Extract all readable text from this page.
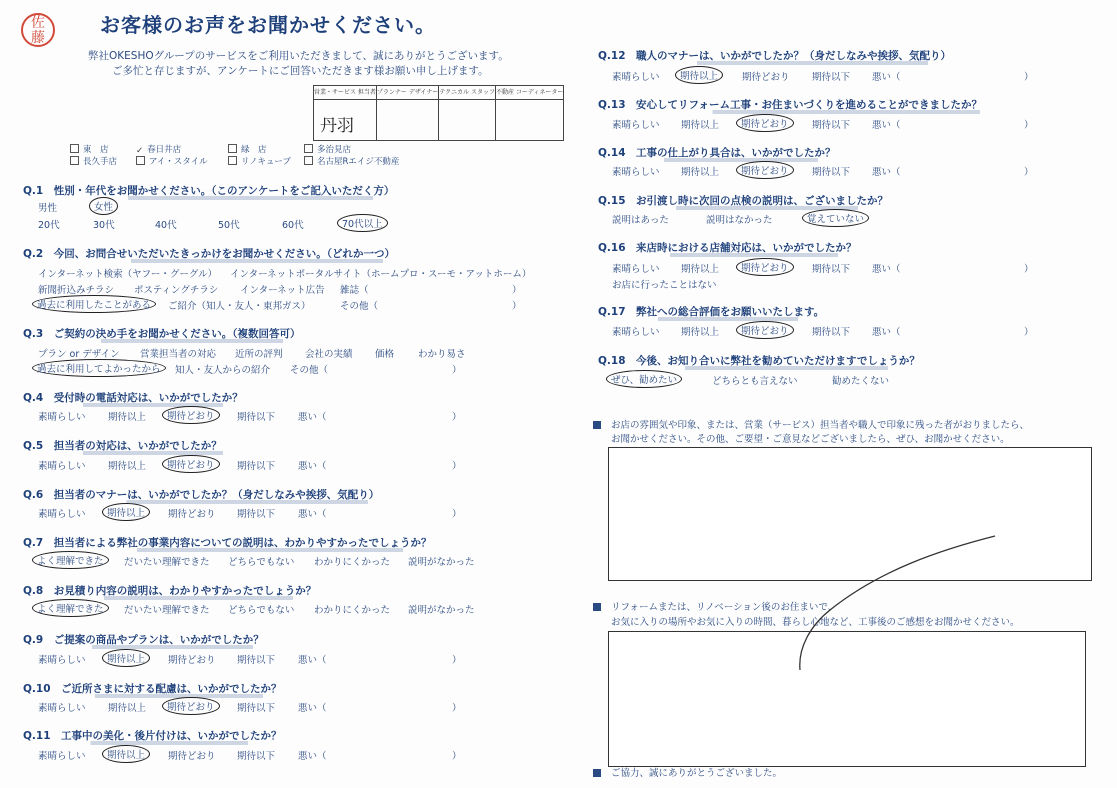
佐
藤
お客様のお声をお聞かせください。
弊社OKESHOグループのサービスをご利用いただきまして、誠にありがとうございます。
ご多忙と存じますが、アンケートにご回答いただきます様お願い申し上げます。
営業・サービス 担当者	プランナー デザイナー	テクニカル スタッフ	不動産 コーディネーター

丹羽			

東　店	✓ 春日井店	緑　店	多治見店
長久手店	アイ・スタイル	リノキューブ	名古屋Rエイジ不動産
Q.1　性別・年代をお聞かせください。（このアンケートをご記入いただく方）
男性	女性
20代	30代	40代	50代	60代	70代以上
Q.2　今回、お問合せいただいたきっかけをお聞かせください。（どれか一つ）
インターネット検索（ヤフー・グーグル） インターネットポータルサイト（ホームプロ・スーモ・アットホーム）
新聞折込みチラシ ポスティングチラシ インターネット広告 雑誌（	）
過去に利用したことがある	ご紹介（知人・友人・東邦ガス）	その他（	）
Q.3　ご契約の決め手をお聞かせください。（複数回答可）
プラン or デザイン 営業担当者の対応 近所の評判 会社の実績 価格	わかり易さ
過去に利用してよかったから	知人・友人からの紹介 その他（	）
Q.4　受付時の電話対応は、いかがでしたか？
素晴らしい 期待以上	期待どおり	期待以下 悪い（	）
Q.5　担当者の対応は、いかがでしたか？
素晴らしい 期待以上	期待どおり	期待以下 悪い（	）
Q.6　担当者のマナーは、いかがでしたか？（身だしなみや挨拶、気配り）
素晴らしい	期待以上	期待どおり 期待以下 悪い（	）
Q.7　担当者による弊社の事業内容についての説明は、わかりやすかったでしょうか？
よく理解できた	だいたい理解できた どちらでもない わかりにくかった 説明がなかった
Q.8　お見積り内容の説明は、わかりやすかったでしょうか？
よく理解できた	だいたい理解できた どちらでもない わかりにくかった 説明がなかった
Q.9　ご提案の商品やプランは、いかがでしたか？
素晴らしい	期待以上	期待どおり 期待以下 悪い（	）
Q.10　ご近所さまに対する配慮は、いかがでしたか？
素晴らしい 期待以上	期待どおり	期待以下 悪い（	）
Q.11　工事中の美化・後片付けは、いかがでしたか？
素晴らしい	期待以上	期待どおり 期待以下 悪い（	）
Q.12　職人のマナーは、いかがでしたか？（身だしなみや挨拶、気配り）
素晴らしい	期待以上	期待どおり 期待以下 悪い（	）
Q.13　安心してリフォーム工事・お住まいづくりを進めることができましたか？
素晴らしい 期待以上	期待どおり	期待以下 悪い（	）
Q.14　工事の仕上がり具合は、いかがでしたか？
素晴らしい 期待以上	期待どおり	期待以下 悪い（	）
Q.15　お引渡し時に次回の点検の説明は、ございましたか？
説明はあった	説明はなかった	覚えていない
Q.16　来店時における店舗対応は、いかがでしたか？
素晴らしい 期待以上	期待どおり	期待以下 悪い（	）
お店に行ったことはない
Q.17　弊社への総合評価をお願いいたします。
素晴らしい 期待以上	期待どおり	期待以下 悪い（	）
Q.18　今後、お知り合いに弊社を勧めていただけますでしょうか？
ぜひ、勧めたい	どちらとも言えない	勧めたくない
お店の雰囲気や印象、または、営業（サービス）担当者や職人で印象に残った者がおりましたら、
お聞かせください。その他、ご要望・ご意見などございましたら、ぜひ、お聞かせください。
リフォームまたは、リノベーション後のお住まいで、
お気に入りの場所やお気に入りの時間、暮らし心地など、工事後のご感想をお聞かせください。
ご協力、誠にありがとうございました。
